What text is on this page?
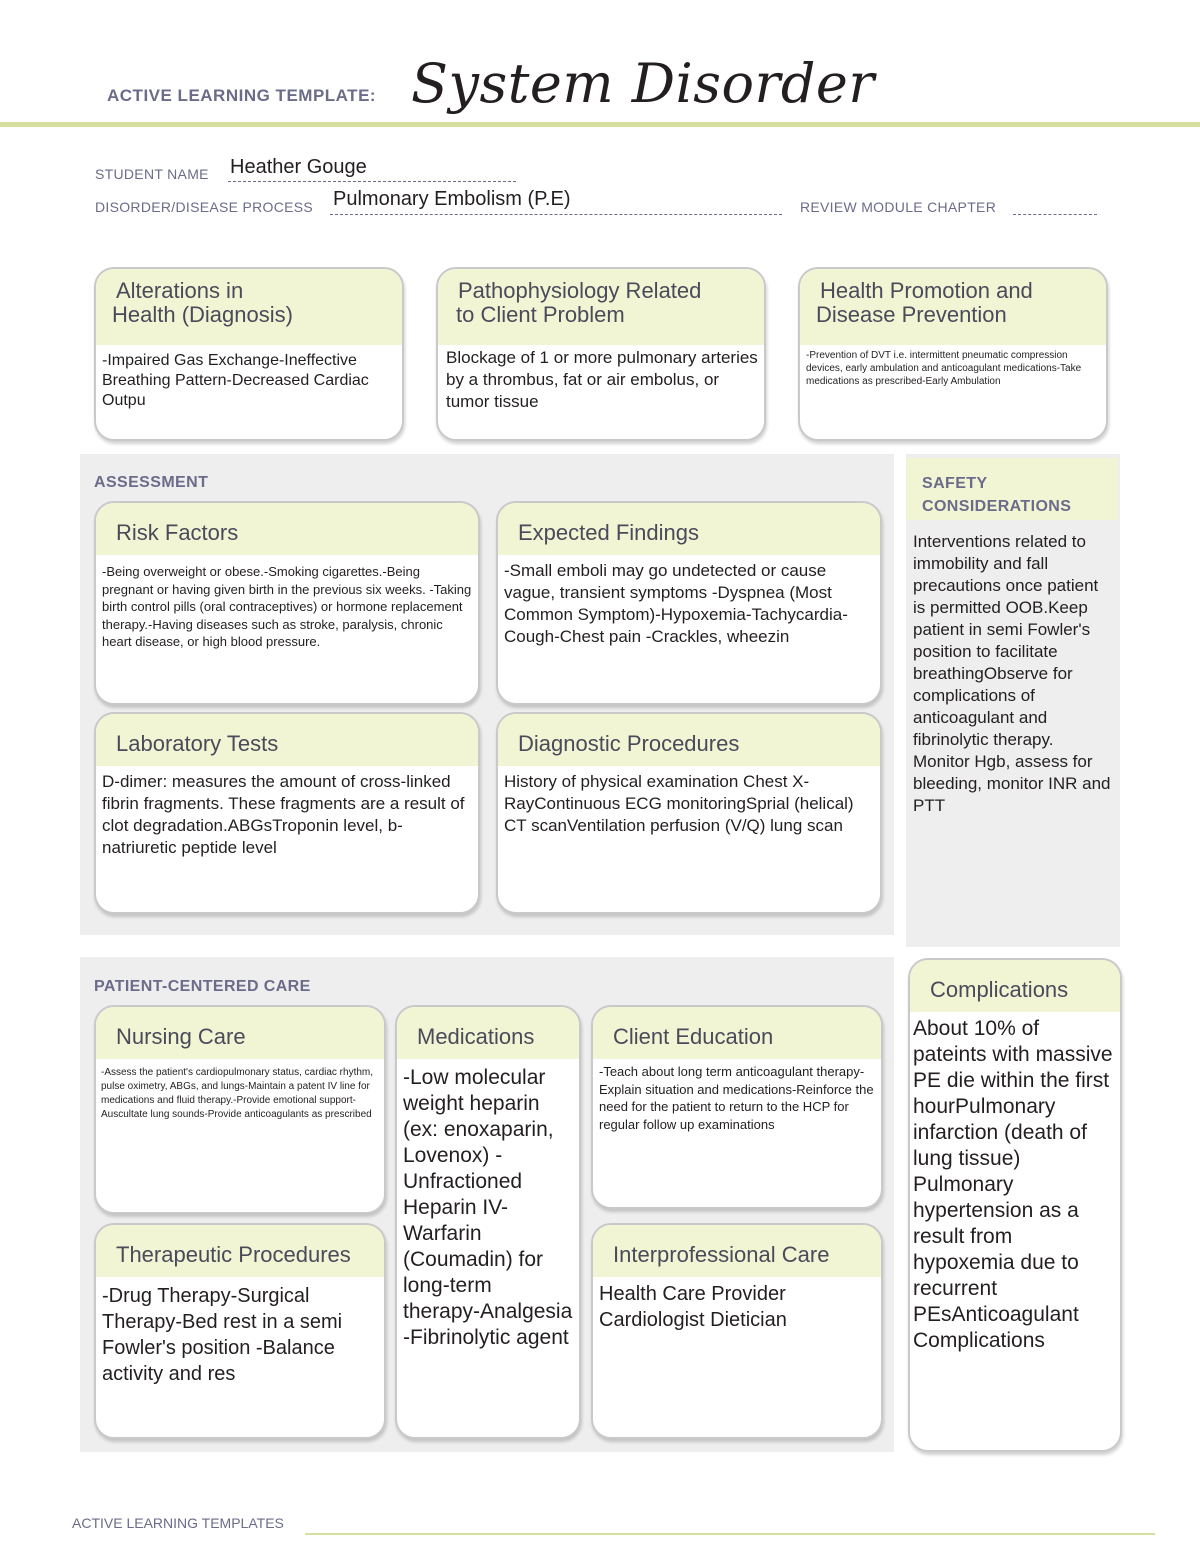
ACTIVE LEARNING TEMPLATE: System Disorder
STUDENT NAME Heather Gouge
DISORDER/DISEASE PROCESS Pulmonary Embolism (P.E)	REVIEW MODULE CHAPTER
Alterations in
Health (Diagnosis)
-Impaired Gas Exchange-Ineffective Breathing Pattern-Decreased Cardiac Outpu
Pathophysiology Related
to Client Problem
Blockage of 1 or more pulmonary arteries by a thrombus, fat or air embolus, or tumor tissue
Health Promotion and
Disease Prevention
-Prevention of DVT i.e. intermittent pneumatic compression devices, early ambulation and anticoagulant medications-Take medications as prescribed-Early Ambulation
ASSESSMENT
Risk Factors
-Being overweight or obese.-Smoking cigarettes.-Being pregnant or having given birth in the previous six weeks. -Taking birth control pills (oral contraceptives) or hormone replacement therapy.-Having diseases such as stroke, paralysis, chronic heart disease, or high blood pressure.
Expected Findings
-Small emboli may go undetected or cause vague, transient symptoms -Dyspnea (Most Common Symptom)-Hypoxemia-Tachycardia-Cough-Chest pain -Crackles, wheezin
Laboratory Tests
D-dimer: measures the amount of cross-linked fibrin fragments. These fragments are a result of clot degradation.ABGsTroponin level, b-natriuretic peptide level
Diagnostic Procedures
History of physical examination Chest X-RayContinuous ECG monitoringSprial (helical) CT scanVentilation perfusion (V/Q) lung scan
SAFETY
CONSIDERATIONS
Interventions related to immobility and fall precautions once patient is permitted OOB.Keep patient in semi Fowler's position to facilitate breathingObserve for complications of anticoagulant and fibrinolytic therapy. Monitor Hgb, assess for bleeding, monitor INR and PTT
PATIENT-CENTERED CARE
Nursing Care
-Assess the patient's cardiopulmonary status, cardiac rhythm, pulse oximetry, ABGs, and lungs-Maintain a patent IV line for medications and fluid therapy.-Provide emotional support-Auscultate lung sounds-Provide anticoagulants as prescribed
Medications
-Low molecular weight heparin (ex: enoxaparin, Lovenox) -Unfractioned Heparin IV-Warfarin (Coumadin) for long-term therapy-Analgesia -Fibrinolytic agent
Client Education
-Teach about long term anticoagulant therapy-Explain situation and medications-Reinforce the need for the patient to return to the HCP for regular follow up examinations
Therapeutic Procedures
-Drug Therapy-Surgical Therapy-Bed rest in a semi Fowler's position -Balance activity and res
Interprofessional Care
Health Care Provider Cardiologist Dietician
Complications
About 10% of pateints with massive PE die within the first hourPulmonary infarction (death of lung tissue) Pulmonary hypertension as a result from hypoxemia due to recurrent PEsAnticoagulant Complications
ACTIVE LEARNING TEMPLATES
